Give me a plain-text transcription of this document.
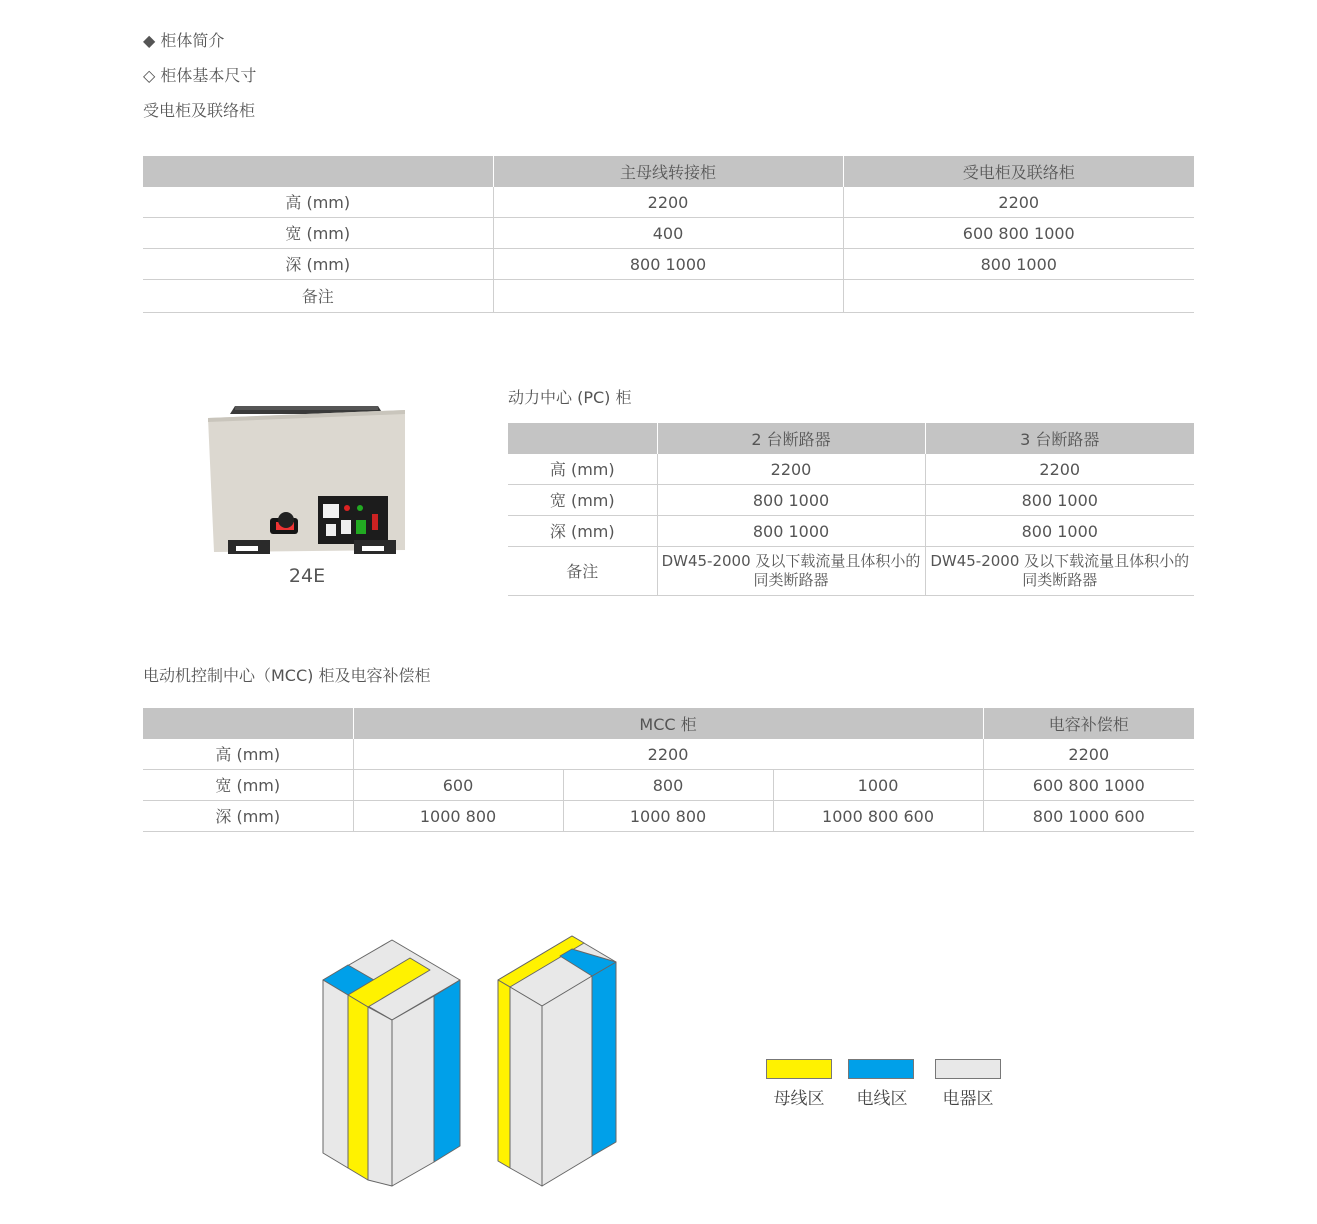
◆ 柜体简介
◇ 柜体基本尺寸
受电柜及联络柜
	主母线转接柜	受电柜及联络柜
高 (mm)	2200	2200
宽 (mm)	400	600 800 1000
深 (mm)	800 1000	800 1000
备注		
24E
动力中心 (PC) 柜
	2 台断路器	3 台断路器
高 (mm)	2200	2200
宽 (mm)	800 1000	800 1000
深 (mm)	800 1000	800 1000
备注	DW45-2000 及以下载流量且体积小的同类断路器	DW45-2000 及以下载流量且体积小的同类断路器
电动机控制中心（MCC) 柜及电容补偿柜
	MCC 柜			电容补偿柜
高 (mm)	2200			2200
宽 (mm)	600	800	1000	600 800 1000
深 (mm)	1000 800	1000 800	1000 800 600	800 1000 600
母线区	电线区	电器区
